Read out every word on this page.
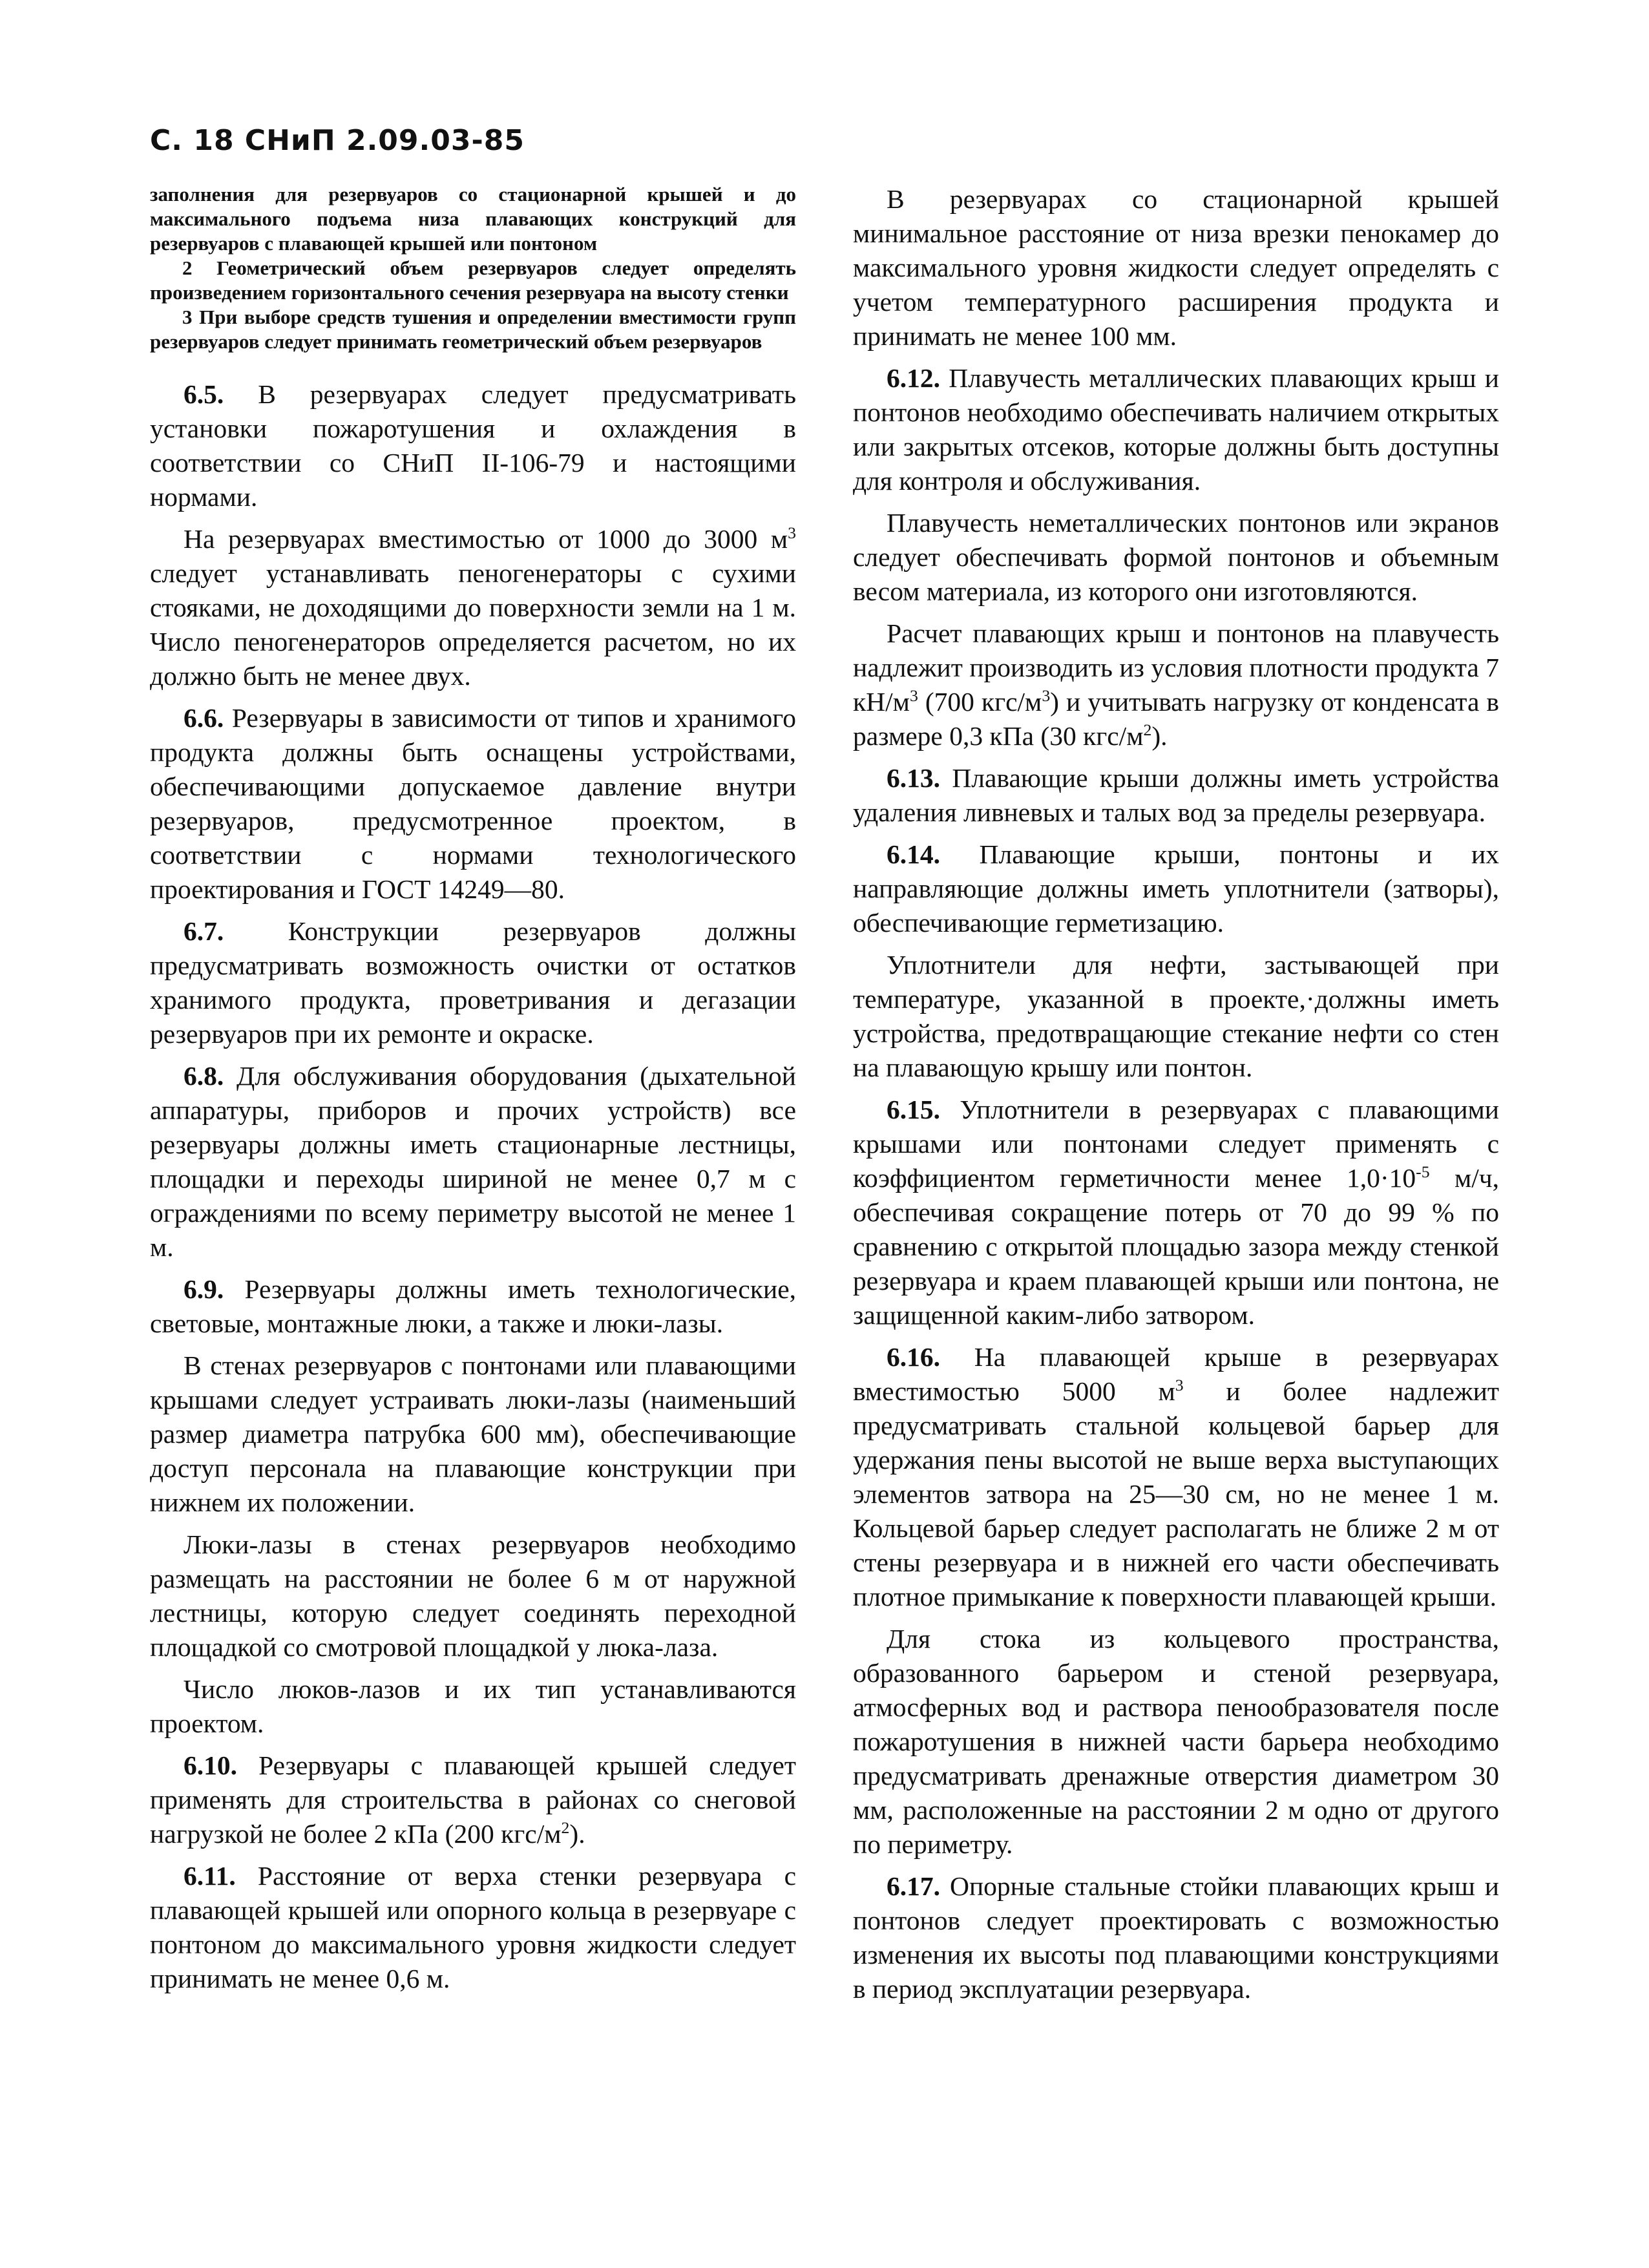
С. 18 СНиП 2.09.03-85

заполнения для резервуаров со стационарной крышей и до максимального подъема низа плавающих конструкций для резервуаров с плавающей крышей или понтоном

2 Геометрический объем резервуаров следует определять произведением горизонтального сечения резервуара на высоту стенки

3 При выборе средств тушения и определении вместимости групп резервуаров следует принимать геометрический объем резервуаров

6.5. В резервуарах следует предусматривать установки пожаротушения и охлаждения в соответствии со СНиП II-106-79 и настоящими нормами.

На резервуарах вместимостью от 1000 до 3000 $м^3$ следует устанавливать пеногенераторы с сухими стояками, не доходящими до поверхности земли на 1 м. Число пеногенераторов определяется расчетом, но их должно быть не менее двух.

6.6. Резервуары в зависимости от типов и хранимого продукта должны быть оснащены устройствами, обеспечивающими допускаемое давление внутри резервуаров, предусмотренное проектом, в соответствии с нормами технологического проектирования и ГОСТ 14249—80.

6.7. Конструкции резервуаров должны предусматривать возможность очистки от остатков хранимого продукта, проветривания и дегазации резервуаров при их ремонте и окраске.

6.8. Для обслуживания оборудования (дыхательной аппаратуры, приборов и прочих устройств) все резервуары должны иметь стационарные лестницы, площадки и переходы шириной не менее 0,7 м с ограждениями по всему периметру высотой не менее 1 м.

6.9. Резервуары должны иметь технологические, световые, монтажные люки, а также и люки-лазы.

В стенах резервуаров с понтонами или плавающими крышами следует устраивать люки-лазы (наименьший размер диаметра патрубка 600 мм), обеспечивающие доступ персонала на плавающие конструкции при нижнем их положении.

Люки-лазы в стенах резервуаров необходимо размещать на расстоянии не более 6 м от наружной лестницы, которую следует соединять переходной площадкой со смотровой площадкой у люка-лаза.

Число люков-лазов и их тип устанавливаются проектом.

6.10. Резервуары с плавающей крышей следует применять для строительства в районах со снеговой нагрузкой не более 2 кПа (200 кгс/$м^2$).

6.11. Расстояние от верха стенки резервуара с плавающей крышей или опорного кольца в резервуаре с понтоном до максимального уровня жидкости следует принимать не менее 0,6 м.

В резервуарах со стационарной крышей минимальное расстояние от низа врезки пенокамер до максимального уровня жидкости следует определять с учетом температурного расширения продукта и принимать не менее 100 мм.

6.12. Плавучесть металлических плавающих крыш и понтонов необходимо обеспечивать наличием открытых или закрытых отсеков, которые должны быть доступны для контроля и обслуживания.

Плавучесть неметаллических понтонов или экранов следует обеспечивать формой понтонов и объемным весом материала, из которого они изготовляются.

Расчет плавающих крыш и понтонов на плавучесть надлежит производить из условия плотности продукта 7 $кН/м^3$ (700 кгс/$м^3$) и учитывать нагрузку от конденсата в размере 0,3 кПа (30 кгс/$м^2$).

6.13. Плавающие крыши должны иметь устройства удаления ливневых и талых вод за пределы резервуара.

6.14. Плавающие крыши, понтоны и их направляющие должны иметь уплотнители (затворы), обеспечивающие герметизацию.

Уплотнители для нефти, застывающей при температуре, указанной в проекте,·должны иметь устройства, предотвращающие стекание нефти со стен на плавающую крышу или понтон.

6.15. Уплотнители в резервуарах с плавающими крышами или понтонами следует применять с коэффициентом герметичности менее $1,0\cdot 10^{-5}$ м/ч, обеспечивая сокращение потерь от 70 до 99 % по сравнению с открытой площадью зазора между стенкой резервуара и краем плавающей крыши или понтона, не защищенной каким-либо затвором.

6.16. На плавающей крыше в резервуарах вместимостью 5000 $м^3$ и более надлежит предусматривать стальной кольцевой барьер для удержания пены высотой не выше верха выступающих элементов затвора на 25—30 см, но не менее 1 м. Кольцевой барьер следует располагать не ближе 2 м от стены резервуара и в нижней его части обеспечивать плотное примыкание к поверхности плавающей крыши.

Для стока из кольцевого пространства, образованного барьером и стеной резервуара, атмосферных вод и раствора пенообразователя после пожаротушения в нижней части барьера необходимо предусматривать дренажные отверстия диаметром 30 мм, расположенные на расстоянии 2 м одно от другого по периметру.

6.17. Опорные стальные стойки плавающих крыш и понтонов следует проектировать с возможностью изменения их высоты под плавающими конструкциями в период эксплуатации резервуара.
